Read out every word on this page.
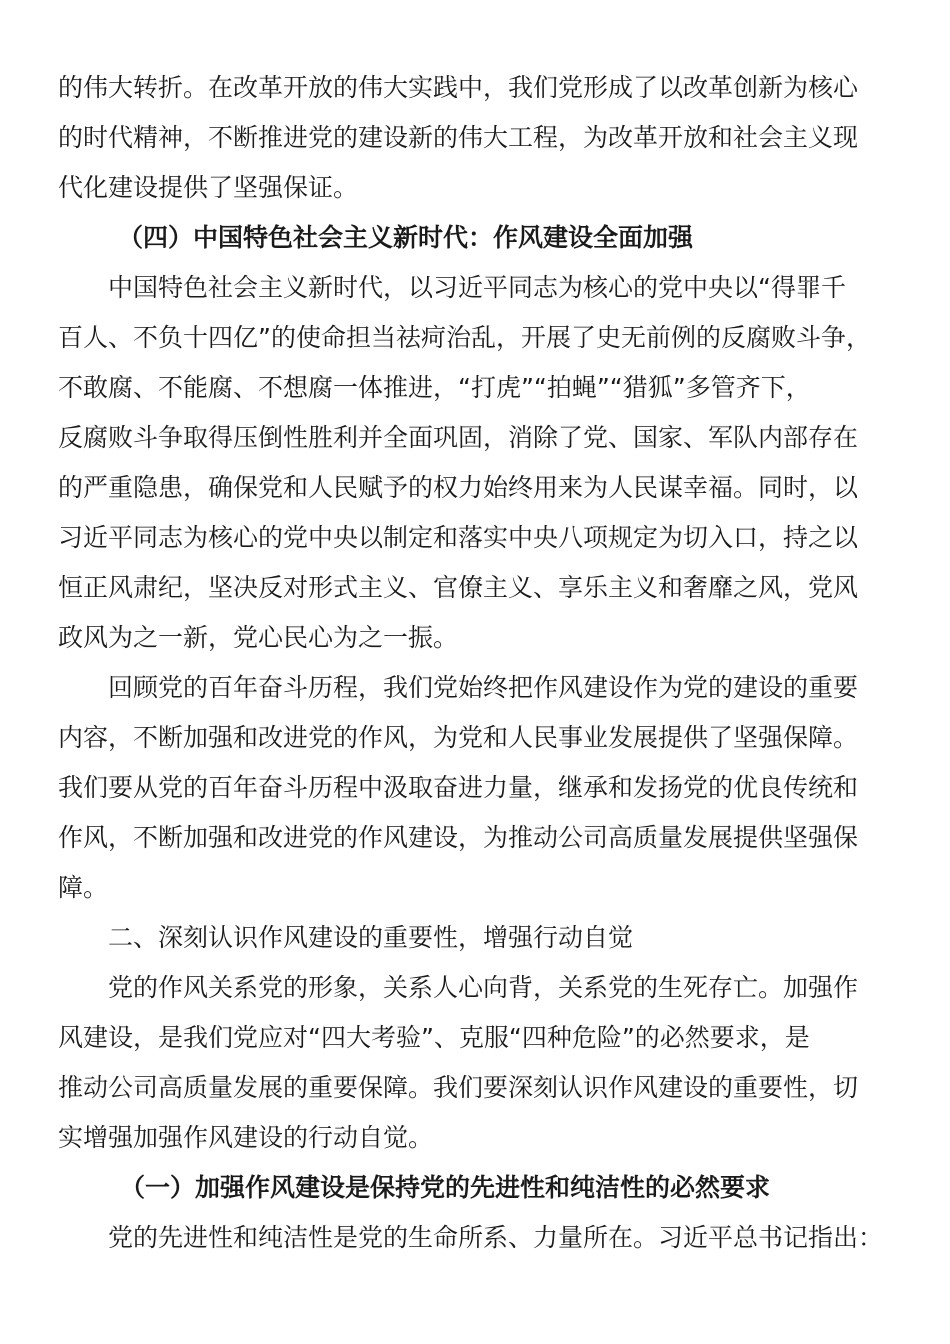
的伟大转折。在改革开放的伟大实践中，我们党形成了以改革创新为核心
的时代精神，不断推进党的建设新的伟大工程，为改革开放和社会主义现
代化建设提供了坚强保证。
（四）中国特色社会主义新时代：作风建设全面加强
中国特色社会主义新时代，以习近平同志为核心的党中央以“得罪千
百人、不负十四亿”的使命担当祛疴治乱，开展了史无前例的反腐败斗争，
不敢腐、不能腐、不想腐一体推进，“打虎”“拍蝇”“猎狐”多管齐下，
反腐败斗争取得压倒性胜利并全面巩固，消除了党、国家、军队内部存在
的严重隐患，确保党和人民赋予的权力始终用来为人民谋幸福。同时，以
习近平同志为核心的党中央以制定和落实中央八项规定为切入口，持之以
恒正风肃纪，坚决反对形式主义、官僚主义、享乐主义和奢靡之风，党风
政风为之一新，党心民心为之一振。
回顾党的百年奋斗历程，我们党始终把作风建设作为党的建设的重要
内容，不断加强和改进党的作风，为党和人民事业发展提供了坚强保障。
我们要从党的百年奋斗历程中汲取奋进力量，继承和发扬党的优良传统和
作风，不断加强和改进党的作风建设，为推动公司高质量发展提供坚强保
障。
二、深刻认识作风建设的重要性，增强行动自觉
党的作风关系党的形象，关系人心向背，关系党的生死存亡。加强作
风建设，是我们党应对“四大考验”、克服“四种危险”的必然要求，是
推动公司高质量发展的重要保障。我们要深刻认识作风建设的重要性，切
实增强加强作风建设的行动自觉。
（一）加强作风建设是保持党的先进性和纯洁性的必然要求
党的先进性和纯洁性是党的生命所系、力量所在。习近平总书记指出：
